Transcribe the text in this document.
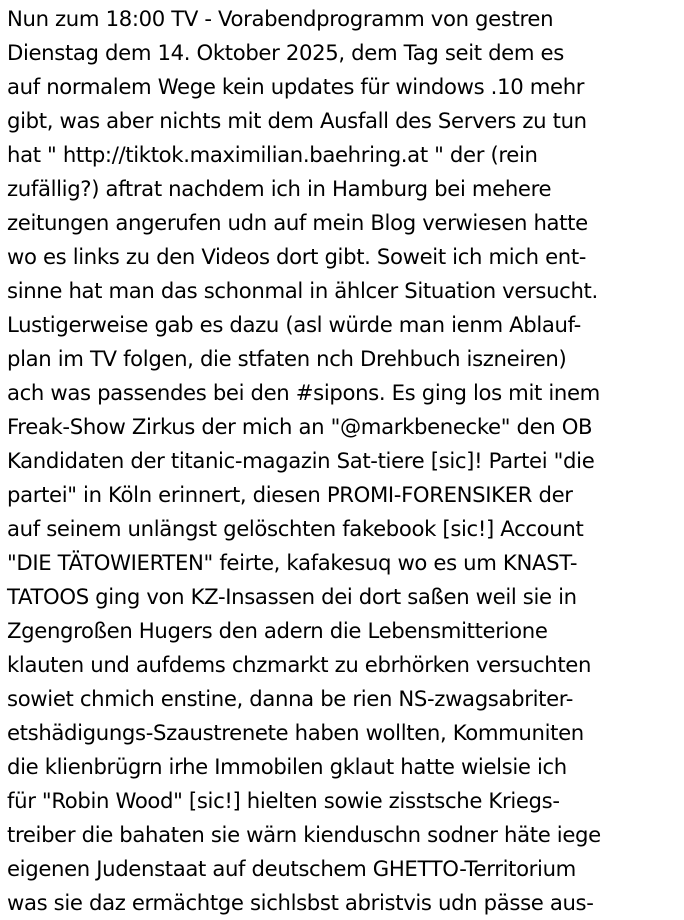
Nun zum 18:00 TV - Vorabendprogramm von gestren
Dienstag dem 14. Oktober 2025, dem Tag seit dem es
auf normalem Wege kein updates für windows .10 mehr
gibt, was aber nichts mit dem Ausfall des Servers zu tun
hat " http://tiktok.maximilian.baehring.at " der (rein
zufällig?) aftrat nachdem ich in Hamburg bei mehere
zeitungen angerufen udn auf mein Blog verwiesen hatte
wo es links zu den Videos dort gibt. Soweit ich mich ent-
sinne hat man das schonmal in ählcer Situation versucht.
Lustigerweise gab es dazu (asl würde man ienm Ablauf-
plan im TV folgen, die stfaten nch Drehbuch iszneiren)
ach was passendes bei den #sipons. Es ging los mit inem
Freak-Show Zirkus der mich an "@markbenecke" den OB
Kandidaten der titanic-magazin Sat-tiere [sic]! Partei "die
partei" in Köln erinnert, diesen PROMI-FORENSIKER der
auf seinem unlängst gelöschten fakebook [sic!] Account
"DIE TÄTOWIERTEN" feirte, kafakesuq wo es um KNAST-
TATOOS ging von KZ-Insassen dei dort saßen weil sie in
Zgengroßen Hugers den adern die Lebensmitterione
klauten und aufdems chzmarkt zu ebrhörken versuchten
sowiet chmich enstine, danna be rien NS-zwagsabriter-
etshädigungs-Szaustrenete haben wollten, Kommuniten
die klienbrügrn irhe Immobilen gklaut hatte wielsie ich
für "Robin Wood" [sic!] hielten sowie zisstsche Kriegs-
treiber die bahaten sie wärn kienduschn sodner häte iege
eigenen Judenstaat auf deutschem GHETTO-Territorium
was sie daz ermächtge sichlsbst abristvis udn pässe aus-
